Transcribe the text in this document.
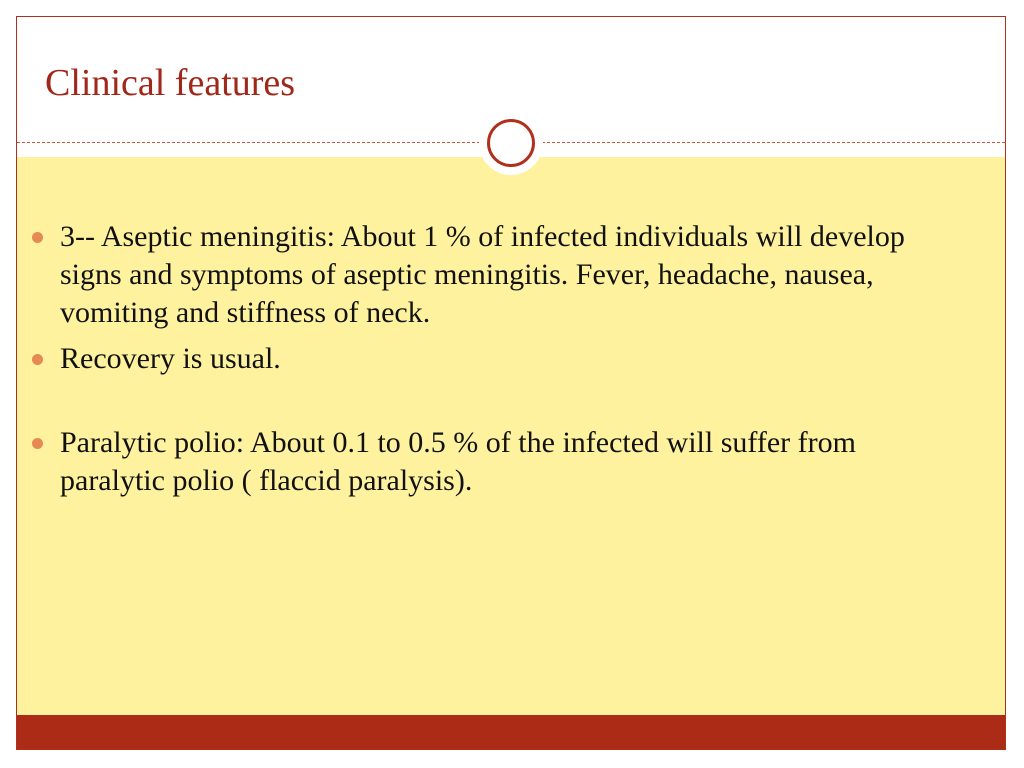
Clinical features
3-- Aseptic meningitis: About 1 % of infected individuals will develop signs and symptoms of aseptic meningitis. Fever, headache, nausea, vomiting and stiffness of neck.
Recovery is usual.
Paralytic polio: About 0.1 to 0.5 % of the infected will suffer from paralytic polio ( flaccid paralysis).
